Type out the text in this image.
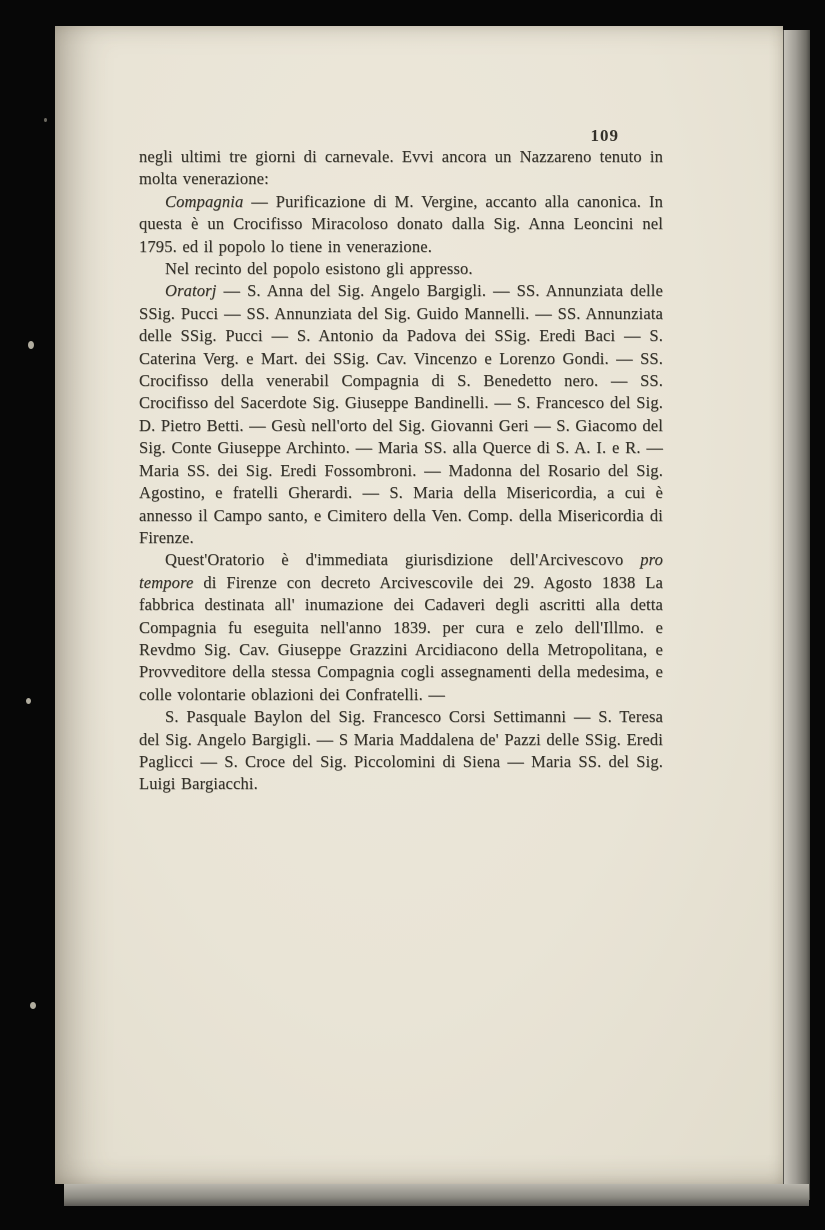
109

negli ultimi tre giorni di carnevale. Evvi ancora un Nazzareno tenuto in molta venerazione:

Compagnia — Purificazione di M. Vergine, accanto alla canonica. In questa è un Crocifisso Miracoloso donato dalla Sig. Anna Leoncini nel 1795. ed il popolo lo tiene in venerazione.

Nel recinto del popolo esistono gli appresso.

Oratorj — S. Anna del Sig. Angelo Bargigli. — SS. Annunziata delle SSig. Pucci — SS. Annunziata del Sig. Guido Mannelli. — SS. Annunziata delle SSig. Pucci — S. Antonio da Padova dei SSig. Eredi Baci — S. Caterina Verg. e Mart. dei SSig. Cav. Vincenzo e Lorenzo Gondi. — SS. Crocifisso della venerabil Compagnia di S. Benedetto nero. — SS. Crocifisso del Sacerdote Sig. Giuseppe Bandinelli. — S. Francesco del Sig. D. Pietro Betti. — Gesù nell'orto del Sig. Giovanni Geri — S. Giacomo del Sig. Conte Giuseppe Archinto. — Maria SS. alla Querce di S. A. I. e R. — Maria SS. dei Sig. Eredi Fossombroni. — Madonna del Rosario del Sig. Agostino, e fratelli Gherardi. — S. Maria della Misericordia, a cui è annesso il Campo santo, e Cimitero della Ven. Comp. della Misericordia di Firenze.

Quest'Oratorio è d'immediata giurisdizione dell'Arcivescovo pro tempore di Firenze con decreto Arcivescovile dei 29. Agosto 1838 La fabbrica destinata all' inumazione dei Cadaveri degli ascritti alla detta Compagnia fu eseguita nell'anno 1839. per cura e zelo dell'Illmo. e Revdmo Sig. Cav. Giuseppe Grazzini Arcidiacono della Metropolitana, e Provveditore della stessa Compagnia cogli assegnamenti della medesima, e colle volontarie oblazioni dei Confratelli. —

S. Pasquale Baylon del Sig. Francesco Corsi Settimanni — S. Teresa del Sig. Angelo Bargigli. — S Maria Maddalena de' Pazzi delle SSig. Eredi Paglicci — S. Croce del Sig. Piccolomini di Siena — Maria SS. del Sig. Luigi Bargiacchi.
